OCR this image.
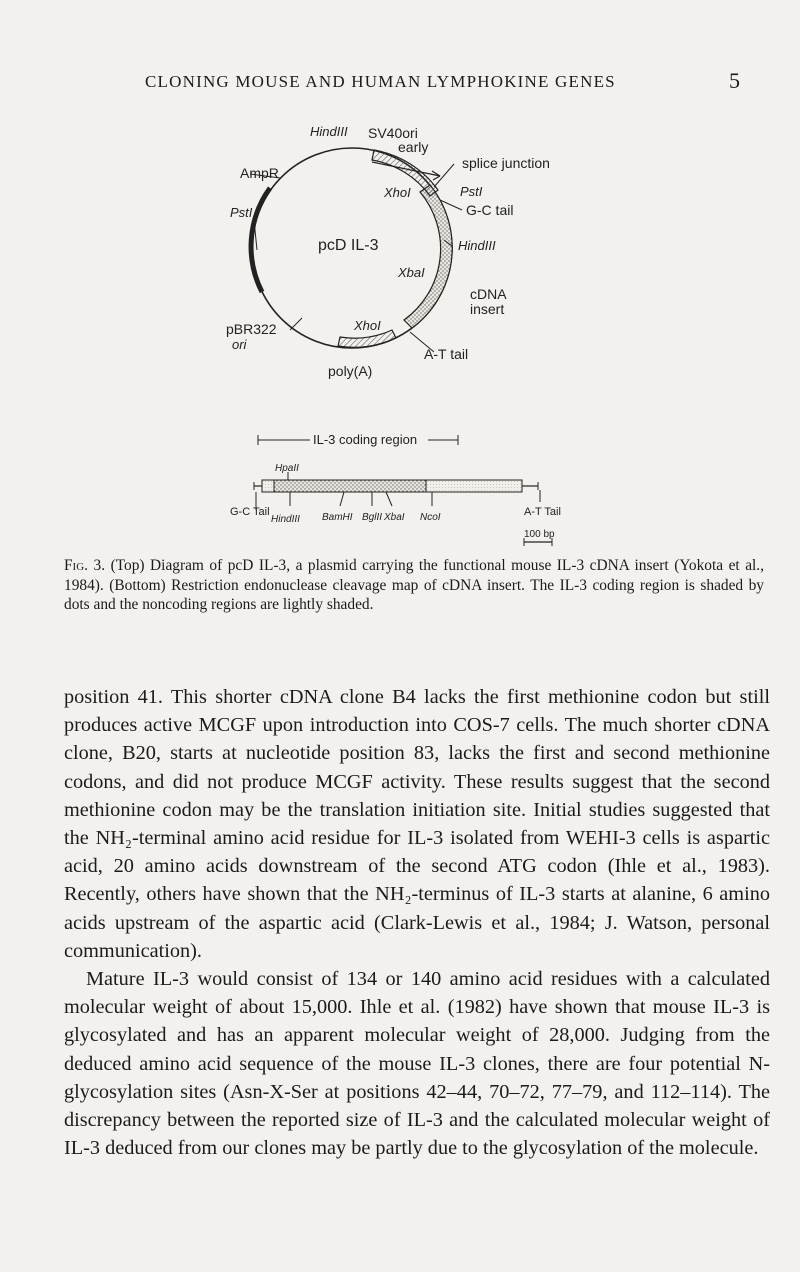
CLONING MOUSE AND HUMAN LYMPHOKINE GENES	5
HindIII SV40ori
early
splice junction
PstI
G-C tail
HindIII
XhoI
pcD IL-3
XbaI
cDNA
insert
XhoI
A-T tail
poly(A)
AmpR
PstI
pBR322
ori
IL-3 coding region
HpaII
G-C Tail
HindIII BamHI BglII XbaI NcoI	A-T Tail
100 bp
Fig. 3. (Top) Diagram of pcD IL-3, a plasmid carrying the functional mouse IL-3 cDNA insert (Yokota et al., 1984). (Bottom) Restriction endonuclease cleavage map of cDNA insert. The IL-3 coding region is shaded by dots and the noncoding regions are lightly shaded.

position 41. This shorter cDNA clone B4 lacks the first methionine codon but still produces active MCGF upon introduction into COS-7 cells. The much shorter cDNA clone, B20, starts at nucleotide position 83, lacks the first and second methionine codons, and did not produce MCGF activity. These results suggest that the second methionine codon may be the translation initiation site. Initial studies suggested that the NH₂-terminal amino acid residue for IL-3 isolated from WEHI-3 cells is aspartic acid, 20 amino acids downstream of the second ATG codon (Ihle et al., 1983). Recently, others have shown that the NH₂-terminus of IL-3 starts at alanine, 6 amino acids upstream of the aspartic acid (Clark-Lewis et al., 1984; J. Watson, personal communication).

Mature IL-3 would consist of 134 or 140 amino acid residues with a calculated molecular weight of about 15,000. Ihle et al. (1982) have shown that mouse IL-3 is glycosylated and has an apparent molecular weight of 28,000. Judging from the deduced amino acid sequence of the mouse IL-3 clones, there are four potential N-glycosylation sites (Asn-X-Ser at positions 42–44, 70–72, 77–79, and 112–114). The discrepancy between the reported size of IL-3 and the calculated molecular weight of IL-3 deduced from our clones may be partly due to the glycosylation of the molecule.
